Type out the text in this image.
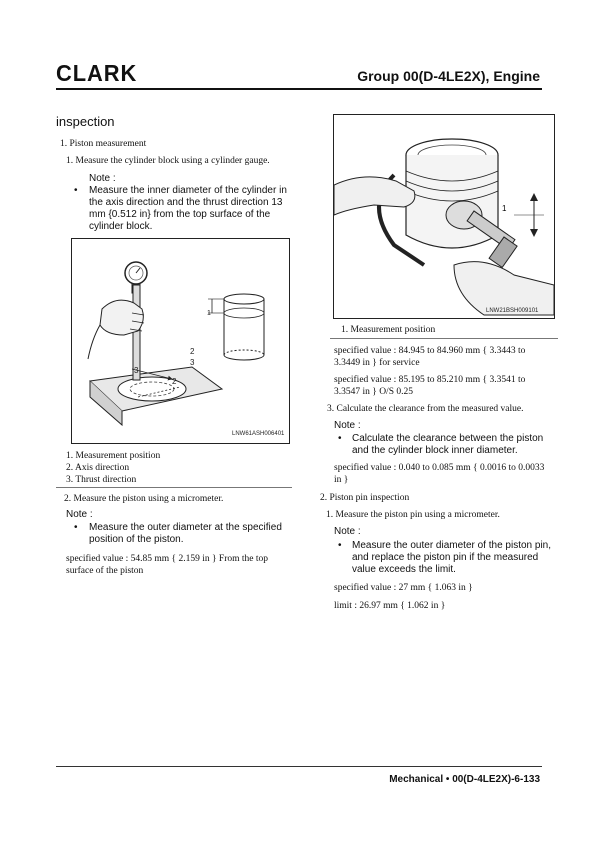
CLARK	Group 00(D-4LE2X), Engine
inspection
1. Piston measurement
1. Measure the cylinder block using a cylinder gauge.
Note :
• Measure the inner diameter of the cylinder in
the axis direction and the thrust direction 13
mm {0.512 in} from the top surface of the
cylinder block.
1
2
3
3
2
LNW61ASH006401
1. Measurement position
2. Axis direction
3. Thrust direction
2. Measure the piston using a micrometer.
Note :
• Measure the outer diameter at the specified
position of the piston.
specified value : 54.85 mm { 2.159 in } From the top
surface of the piston
1
LNW21BSH009101
1. Measurement position
specified value : 84.945 to 84.960 mm { 3.3443 to
3.3449 in } for service
specified value : 85.195 to 85.210 mm { 3.3541 to
3.3547 in } O/S 0.25
3. Calculate the clearance from the measured value.
Note :
• Calculate the clearance between the piston
and the cylinder block inner diameter.
specified value : 0.040 to 0.085 mm { 0.0016 to 0.0033
in }
2. Piston pin inspection
1. Measure the piston pin using a micrometer.
Note :
• Measure the outer diameter of the piston pin,
and replace the piston pin if the measured
value exceeds the limit.
specified value : 27 mm { 1.063 in }
limit : 26.97 mm { 1.062 in }
Mechanical • 00(D-4LE2X)-6-133
